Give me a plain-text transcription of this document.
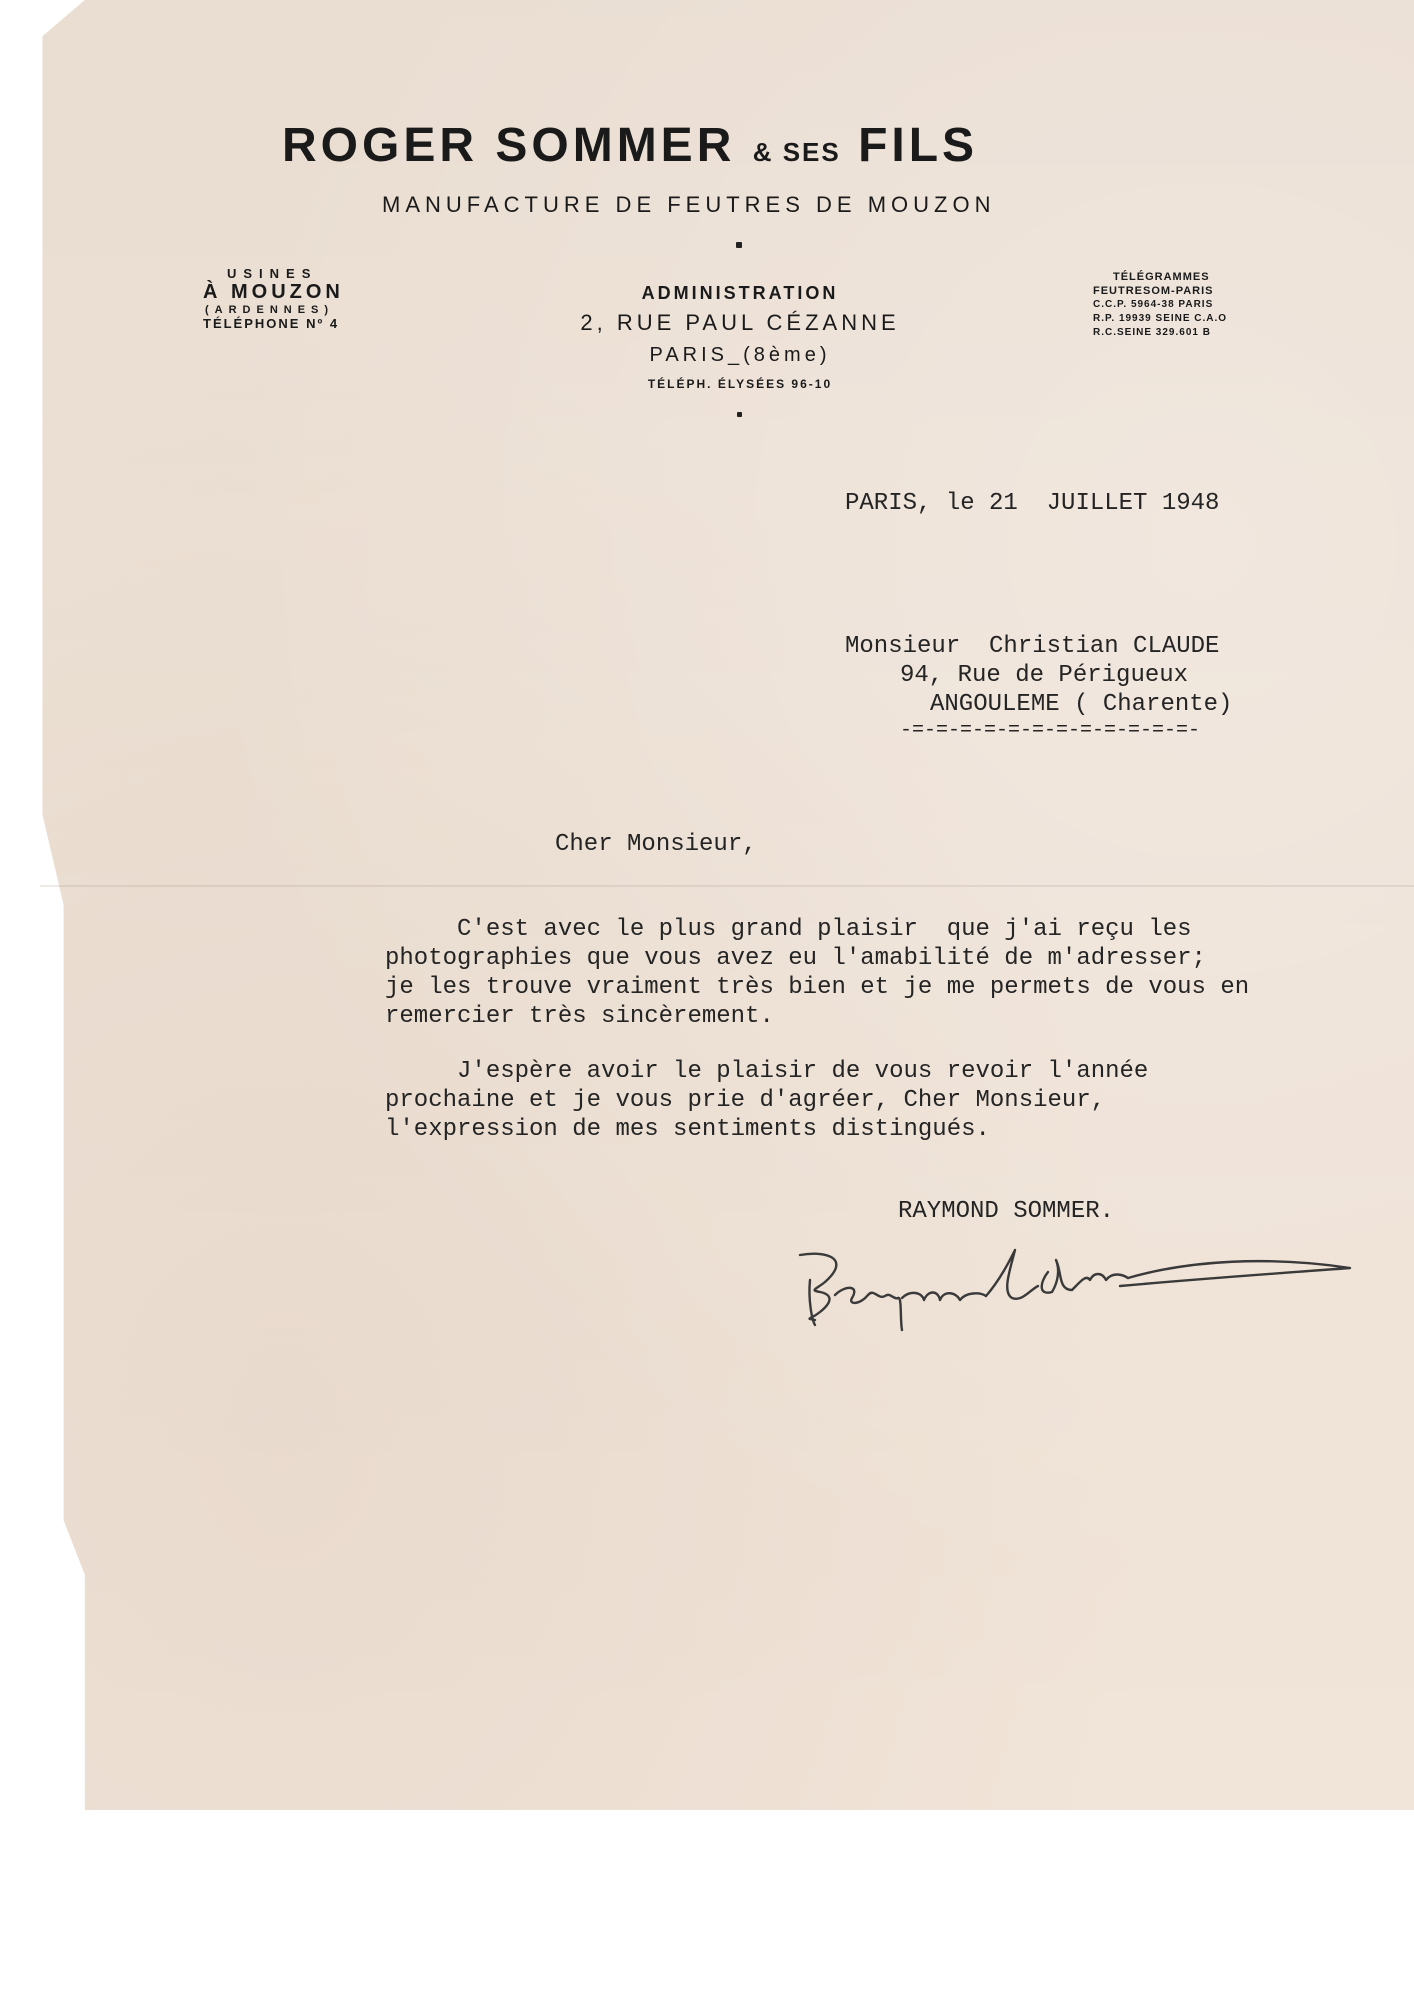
ROGER SOMMER & SES FILS
MANUFACTURE DE FEUTRES DE MOUZON
USINES
À MOUZON
(ARDENNES)
TÉLÉPHONE Nº 4
ADMINISTRATION
2, RUE PAUL CÉZANNE
PARIS_(8ème)
TÉLÉPH. ÉLYSÉES 96-10
TÉLÉGRAMMES
FEUTRESOM-PARIS
C.C.P. 5964-38 PARIS
R.P. 19939 SEINE C.A.O
R.C.SEINE 329.601 B
PARIS, le 21  JUILLET 1948
Monsieur  Christian CLAUDE
94, Rue de Périgueux
ANGOULEME ( Charente)
-=-=-=-=-=-=-=-=-=-=-=-=-
Cher Monsieur,
C'est avec le plus grand plaisir  que j'ai reçu les
photographies que vous avez eu l'amabilité de m'adresser;
je les trouve vraiment très bien et je me permets de vous en
remercier très sincèrement.
J'espère avoir le plaisir de vous revoir l'année
prochaine et je vous prie d'agréer, Cher Monsieur,
l'expression de mes sentiments distingués.
RAYMOND SOMMER.
